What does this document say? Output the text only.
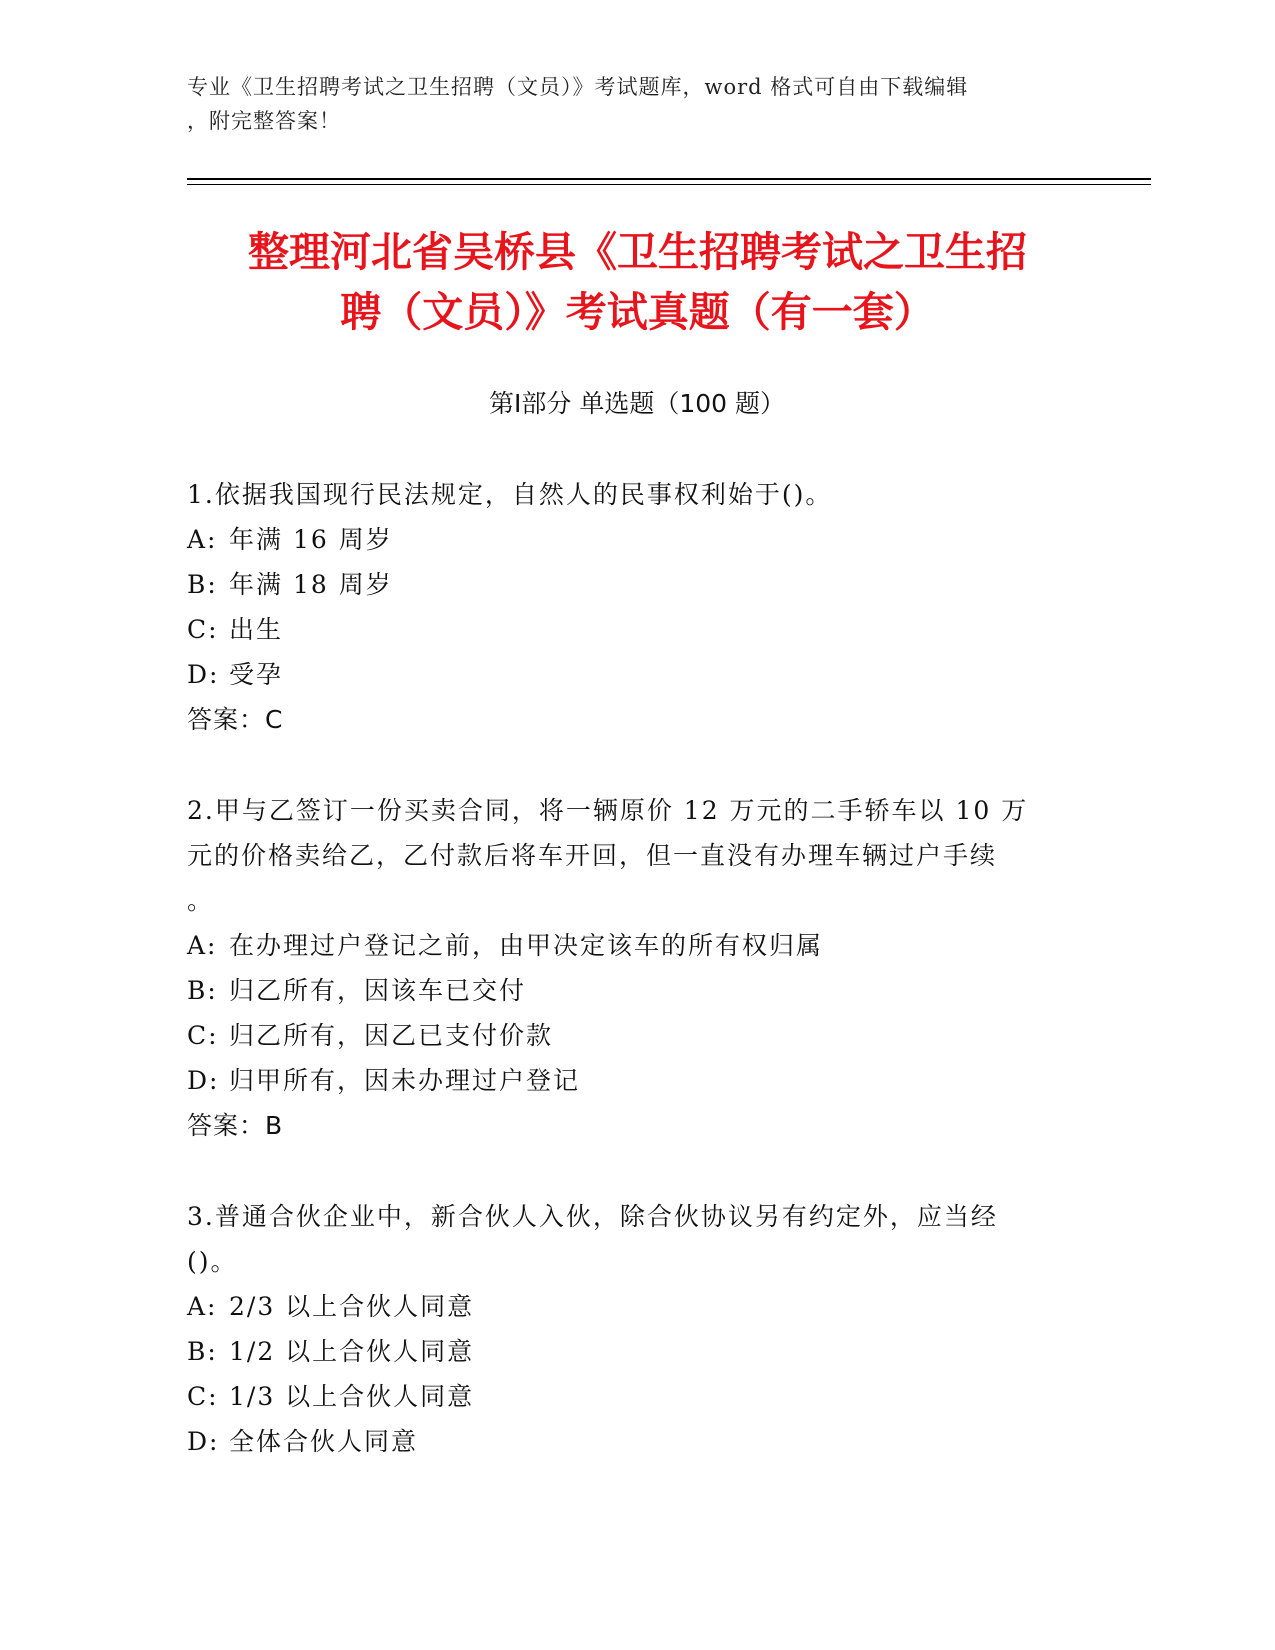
专业《卫生招聘考试之卫生招聘（文员）》考试题库，word 格式可自由下载编辑
，附完整答案！
整理河北省吴桥县《卫生招聘考试之卫生招
聘（文员）》考试真题（有一套）
第Ⅰ部分 单选题（100 题）
1.依据我国现行民法规定，自然人的民事权利始于()。
A: 年满 16 周岁
B: 年满 18 周岁
C: 出生
D: 受孕
答案：C
2.甲与乙签订一份买卖合同，将一辆原价 12 万元的二手轿车以 10 万
元的价格卖给乙，乙付款后将车开回，但一直没有办理车辆过户手续
。
A: 在办理过户登记之前，由甲决定该车的所有权归属
B: 归乙所有，因该车已交付
C: 归乙所有，因乙已支付价款
D: 归甲所有，因未办理过户登记
答案：B
3.普通合伙企业中，新合伙人入伙，除合伙协议另有约定外，应当经
()。
A: 2/3 以上合伙人同意
B: 1/2 以上合伙人同意
C: 1/3 以上合伙人同意
D: 全体合伙人同意
